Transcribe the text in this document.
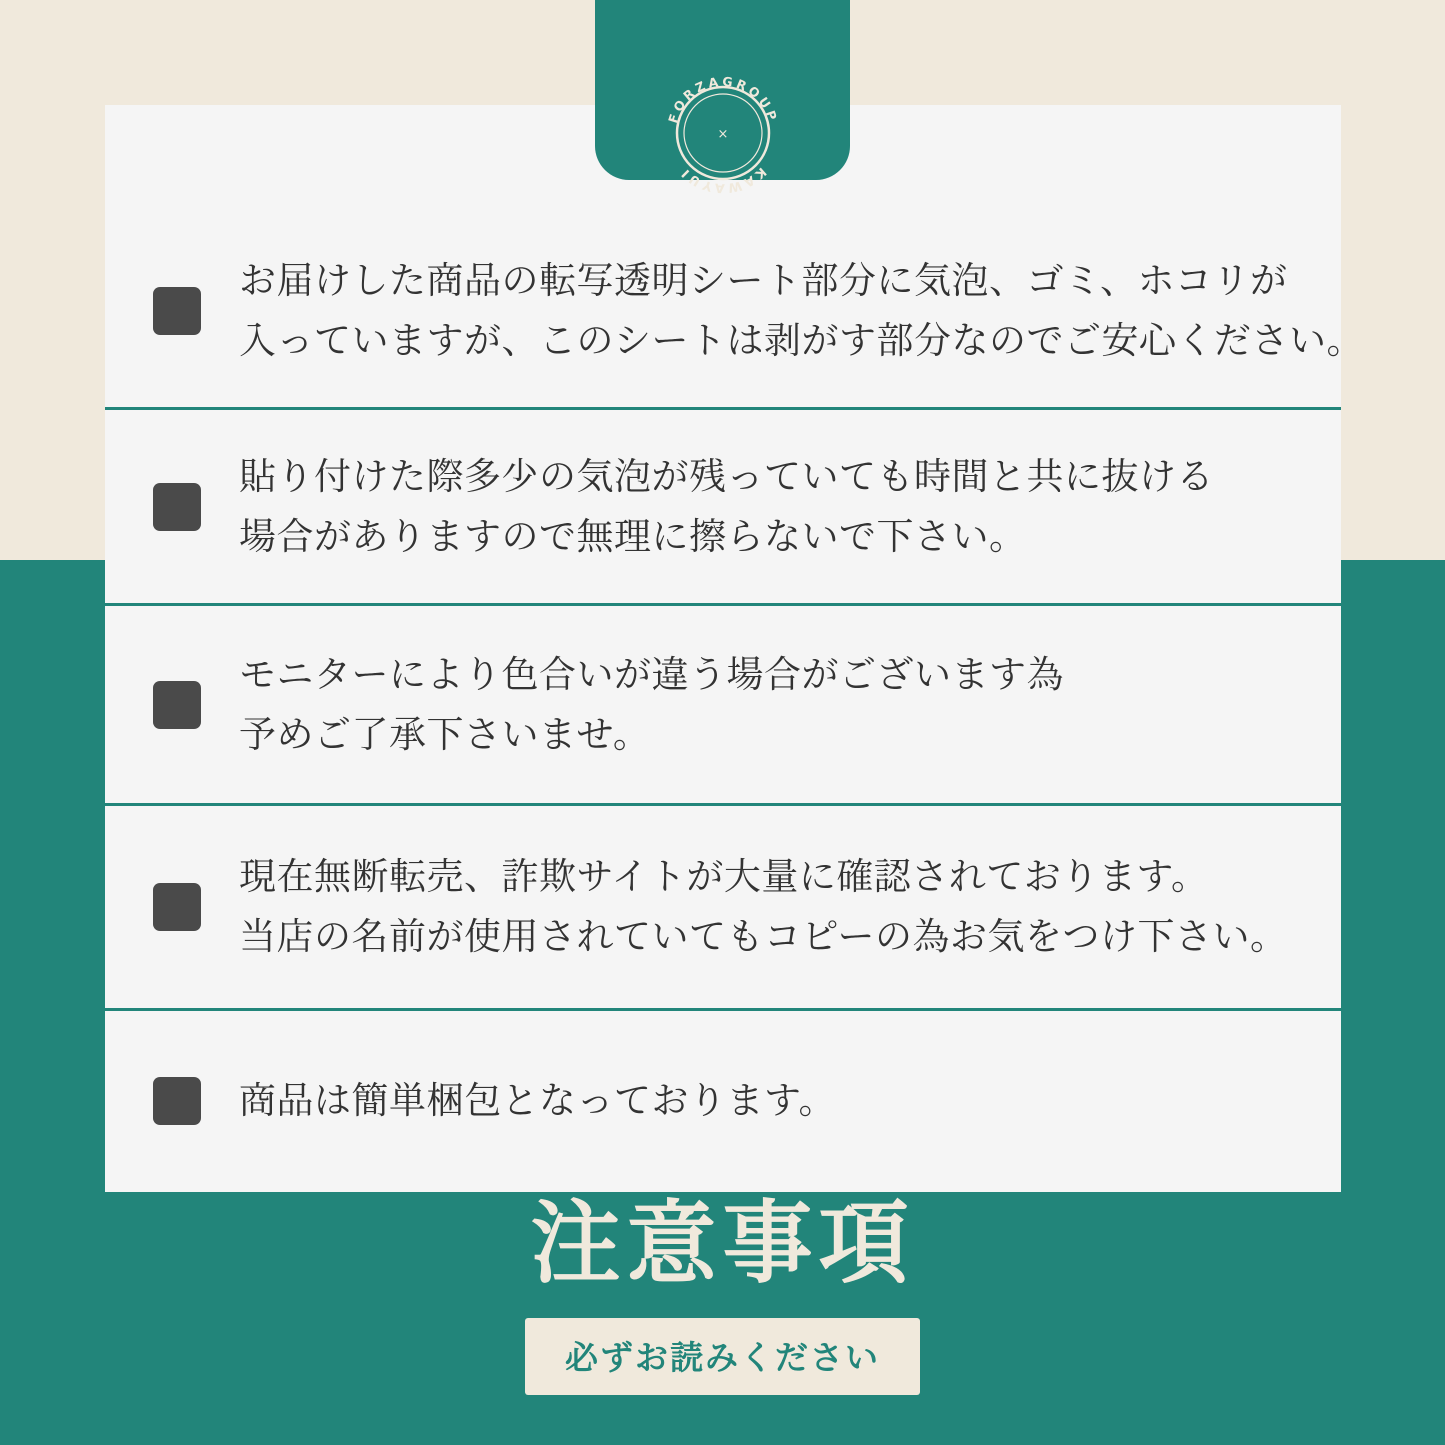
FORZAGROUP
KAWAYUI
×
お届けした商品の転写透明シート部分に気泡、ゴミ、ホコリが
入っていますが、このシートは剥がす部分なのでご安心ください。
貼り付けた際多少の気泡が残っていても時間と共に抜ける
場合がありますので無理に擦らないで下さい。
モニターにより色合いが違う場合がございます為
予めご了承下さいませ。
現在無断転売、詐欺サイトが大量に確認されております。
当店の名前が使用されていてもコピーの為お気をつけ下さい。
商品は簡単梱包となっております。
注意事項
必ずお読みください
